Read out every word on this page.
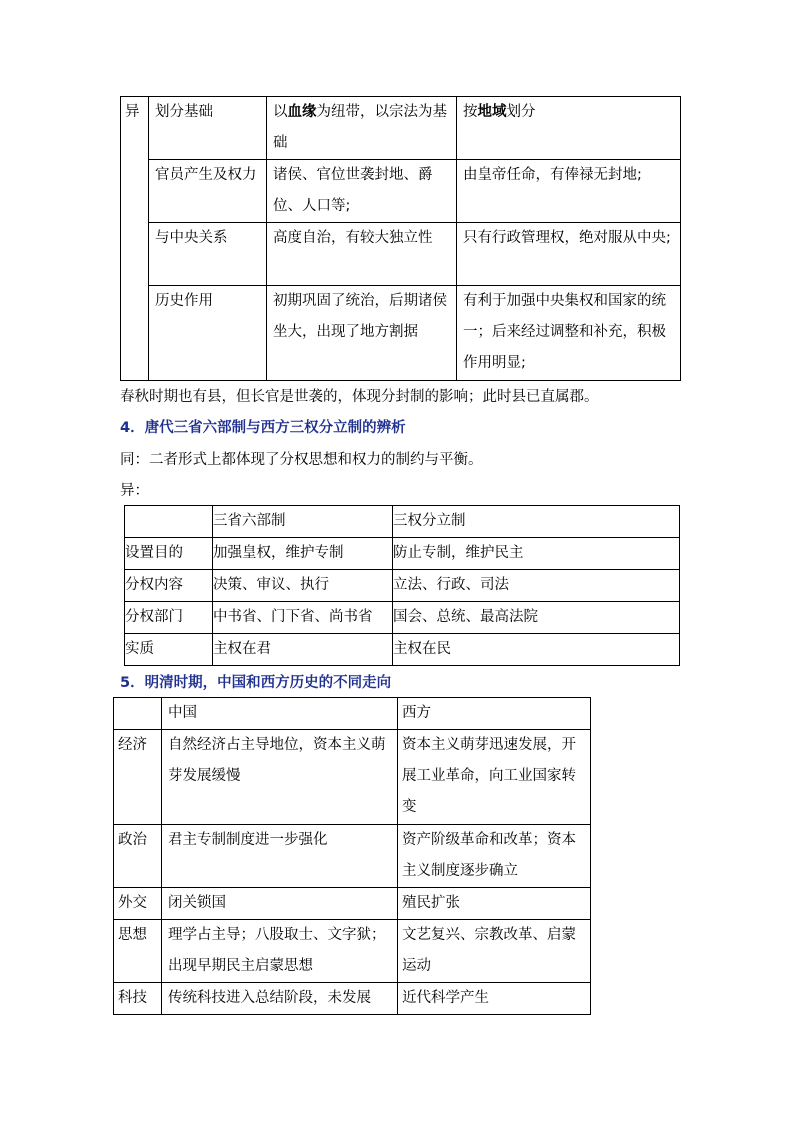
异	划分基础	以血缘为纽带，以宗法为基础	按地域划分
	官员产生及权力	诸侯、官位世袭封地、爵位、人口等;	由皇帝任命，有俸禄无封地;
	与中央关系	高度自治，有较大独立性	只有行政管理权，绝对服从中央;
	历史作用	初期巩固了统治，后期诸侯坐大，出现了地方割据	有利于加强中央集权和国家的统一；后来经过调整和补充，积极作用明显;
春秋时期也有县，但长官是世袭的，体现分封制的影响；此时县已直属郡。
4．唐代三省六部制与西方三权分立制的辨析
同：二者形式上都体现了分权思想和权力的制约与平衡。
异：
	三省六部制	三权分立制
设置目的	加强皇权，维护专制	防止专制，维护民主
分权内容	决策、审议、执行	立法、行政、司法
分权部门	中书省、门下省、尚书省	国会、总统、最高法院
实质	主权在君	主权在民
5．明清时期，中国和西方历史的不同走向
	中国	西方
经济	自然经济占主导地位，资本主义萌芽发展缓慢	资本主义萌芽迅速发展，开展工业革命，向工业国家转变
政治	君主专制制度进一步强化	资产阶级革命和改革；资本主义制度逐步确立
外交	闭关锁国	殖民扩张
思想	理学占主导；八股取士、文字狱；出现早期民主启蒙思想	文艺复兴、宗教改革、启蒙运动
科技	传统科技进入总结阶段，未发展	近代科学产生
